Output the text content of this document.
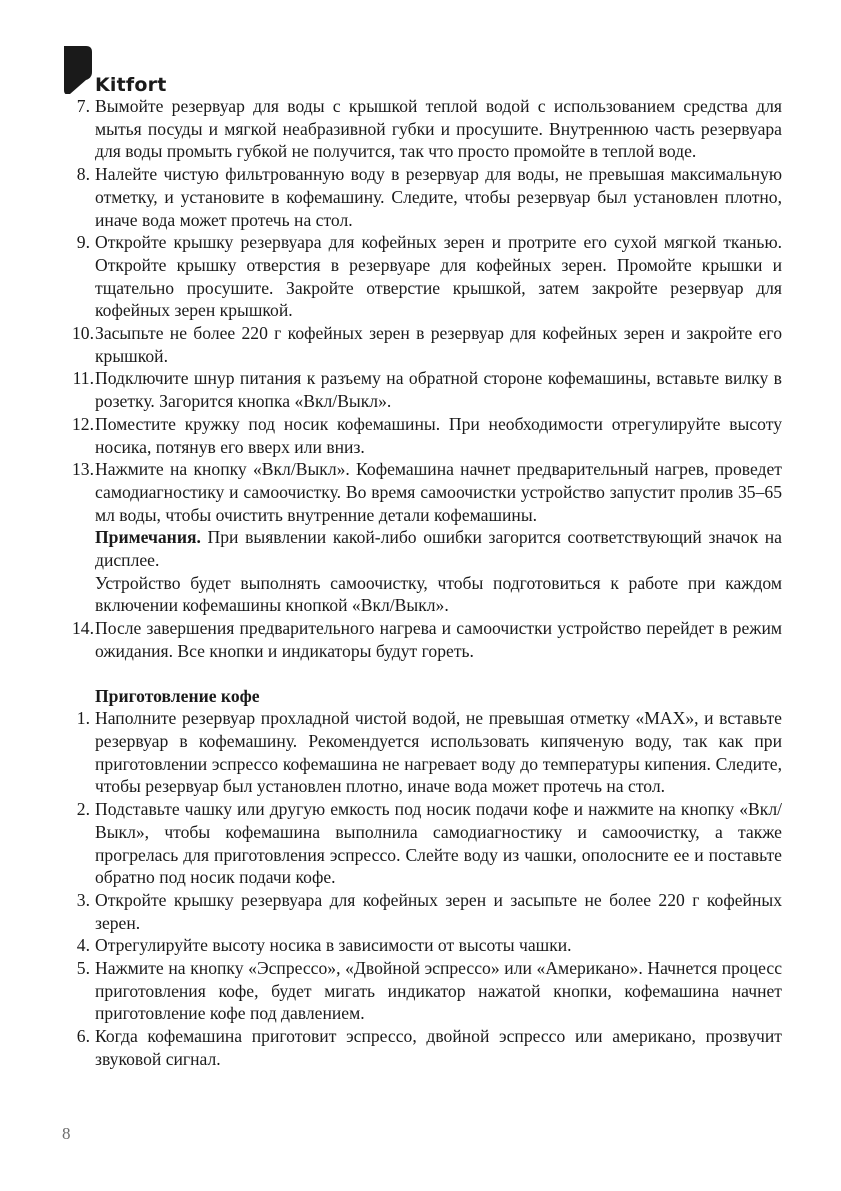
Kitfort
7. Вымойте резервуар для воды с крышкой теплой водой с использованием средства для мытья посуды и мягкой неабразивной губки и просушите. Внутреннюю часть резервуара для воды промыть губкой не получится, так что просто промойте в теплой воде.
8. Налейте чистую фильтрованную воду в резервуар для воды, не превышая максимальную отметку, и установите в кофемашину. Следите, чтобы резервуар был установлен плотно, иначе вода может протечь на стол.
9. Откройте крышку резервуара для кофейных зерен и протрите его сухой мягкой тканью. Откройте крышку отверстия в резервуаре для кофейных зерен. Промойте крышки и тщательно просушите. Закройте отверстие крышкой, затем закройте резервуар для кофейных зерен крышкой.
10. Засыпьте не более 220 г кофейных зерен в резервуар для кофейных зерен и закройте его крышкой.
11. Подключите шнур питания к разъему на обратной стороне кофемашины, вставьте вилку в розетку. Загорится кнопка «Вкл/Выкл».
12. Поместите кружку под носик кофемашины. При необходимости отрегулируйте высоту носика, потянув его вверх или вниз.
13. Нажмите на кнопку «Вкл/Выкл». Кофемашина начнет предварительный нагрев, проведет самодиагностику и самоочистку. Во время самоочистки устройство запустит пролив 35–65 мл воды, чтобы очистить внутренние детали кофемашины.
Примечания. При выявлении какой-либо ошибки загорится соответствующий значок на дисплее.
Устройство будет выполнять самоочистку, чтобы подготовиться к работе при каждом включении кофемашины кнопкой «Вкл/Выкл».
14. После завершения предварительного нагрева и самоочистки устройство перейдет в режим ожидания. Все кнопки и индикаторы будут гореть.
Приготовление кофе
1. Наполните резервуар прохладной чистой водой, не превышая отметку «MAX», и вставьте резервуар в кофемашину. Рекомендуется использовать кипяченую воду, так как при приготовлении эспрессо кофемашина не нагревает воду до температуры кипения. Следите, чтобы резервуар был установлен плотно, иначе вода может протечь на стол.
2. Подставьте чашку или другую емкость под носик подачи кофе и нажмите на кнопку «Вкл/Выкл», чтобы кофемашина выполнила самодиагностику и самоочистку, а также прогрелась для приготовления эспрессо. Слейте воду из чашки, ополосните ее и поставьте обратно под носик подачи кофе.
3. Откройте крышку резервуара для кофейных зерен и засыпьте не более 220 г кофейных зерен.
4. Отрегулируйте высоту носика в зависимости от высоты чашки.
5. Нажмите на кнопку «Эспрессо», «Двойной эспрессо» или «Американо». Начнется процесс приготовления кофе, будет мигать индикатор нажатой кнопки, кофемашина начнет приготовление кофе под давлением.
6. Когда кофемашина приготовит эспрессо, двойной эспрессо или американо, прозвучит звуковой сигнал.
8
